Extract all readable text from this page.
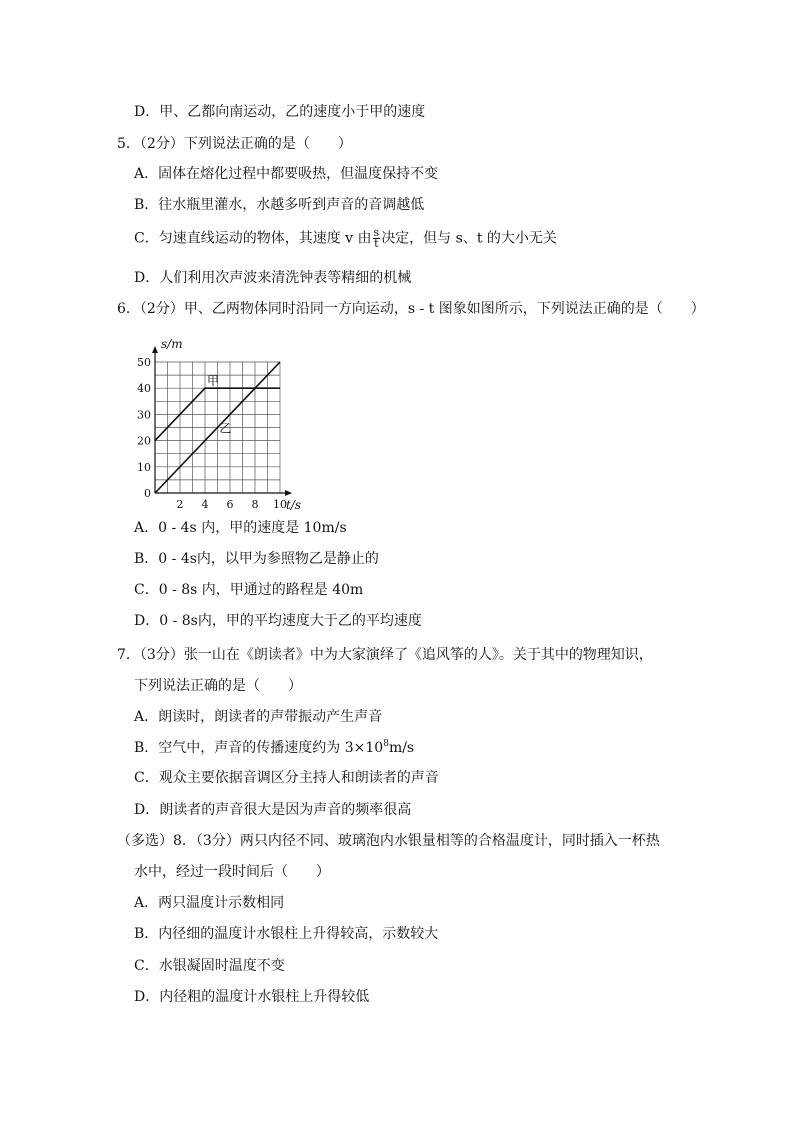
D．甲、乙都向南运动，乙的速度小于甲的速度
5．（2分）下列说法正确的是（　　）
A．固体在熔化过程中都要吸热，但温度保持不变
B．往水瓶里灌水，水越多听到声音的音调越低
C．匀速直线运动的物体，其速度 v 由 $\frac{s}{t}$ 决定，但与 s、t 的大小无关
D．人们利用次声波来清洗钟表等精细的机械
6．（2分）甲、乙两物体同时沿同一方向运动，s - t 图象如图所示，下列说法正确的是（　　）
2 4 6 8 10
0
10
20
30
40
50
t/s
s/m
甲
乙
A．0 - 4s 内，甲的速度是 10m/s
B．0 - 4s内，以甲为参照物乙是静止的
C．0 - 8s 内，甲通过的路程是 40m
D．0 - 8s内，甲的平均速度大于乙的平均速度
7．（3分）张一山在《朗读者》中为大家演绎了《追风筝的人》。关于其中的物理知识，
下列说法正确的是（　　）
A．朗读时，朗读者的声带振动产生声音
B．空气中，声音的传播速度约为 $3\times 10^8m/s$
C．观众主要依据音调区分主持人和朗读者的声音
D．朗读者的声音很大是因为声音的频率很高
（多选）8．（3分）两只内径不同、玻璃泡内水银量相等的合格温度计，同时插入一杯热
水中，经过一段时间后（　　）
A．两只温度计示数相同
B．内径细的温度计水银柱上升得较高，示数较大
C．水银凝固时温度不变
D．内径粗的温度计水银柱上升得较低
